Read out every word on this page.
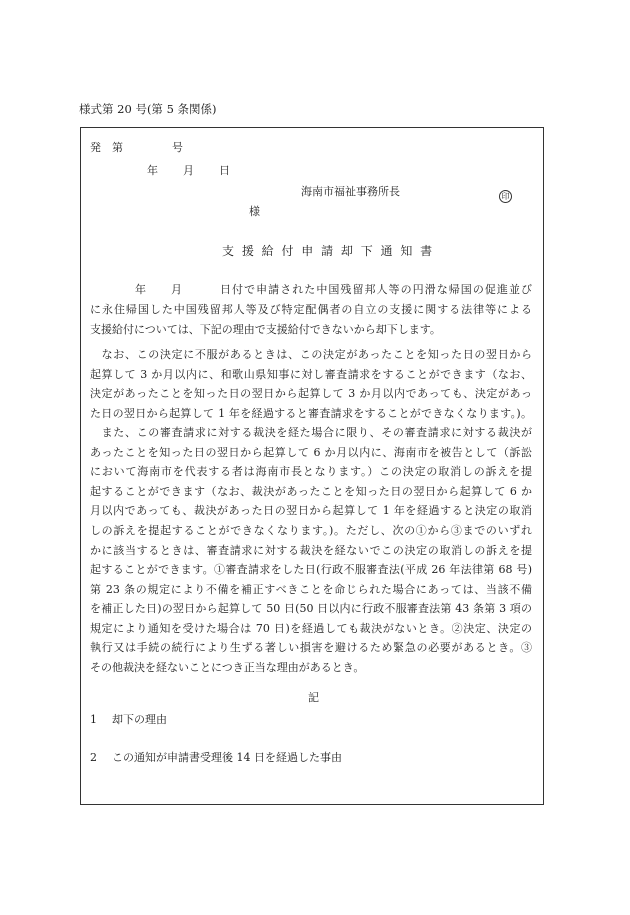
様式第 20 号(第 5 条関係)
発　第	号
年 月 日
海南市福祉事務所長	印
様
支 援 給 付 申 請 却 下 通 知 書
年 月	日付で申請された中国残留邦人等の円滑な帰国の促進並び
に永住帰国した中国残留邦人等及び特定配偶者の自立の支援に関する法律等による
支援給付については、下記の理由で支援給付できないから却下します。
　なお、この決定に不服があるときは、この決定があったことを知った日の翌日から
起算して 3 か月以内に、和歌山県知事に対し審査請求をすることができます（なお、
決定があったことを知った日の翌日から起算して 3 か月以内であっても、決定があっ
た日の翌日から起算して 1 年を経過すると審査請求をすることができなくなります。)。
　また、この審査請求に対する裁決を経た場合に限り、その審査請求に対する裁決が
あったことを知った日の翌日から起算して 6 か月以内に、海南市を被告として（訴訟
において海南市を代表する者は海南市長となります。）この決定の取消しの訴えを提
起することができます（なお、裁決があったことを知った日の翌日から起算して 6 か
月以内であっても、裁決があった日の翌日から起算して 1 年を経過すると決定の取消
しの訴えを提起することができなくなります。)。ただし、次の①から③までのいずれ
かに該当するときは、審査請求に対する裁決を経ないでこの決定の取消しの訴えを提
起することができます。①審査請求をした日(行政不服審査法(平成 26 年法律第 68 号)
第 23 条の規定により不備を補正すべきことを命じられた場合にあっては、当該不備
を補正した日)の翌日から起算して 50 日(50 日以内に行政不服審査法第 43 条第 3 項の
規定により通知を受けた場合は 70 日)を経過しても裁決がないとき。②決定、決定の
執行又は手続の続行により生ずる著しい損害を避けるため緊急の必要があるとき。③
その他裁決を経ないことにつき正当な理由があるとき。
記
1 却下の理由
2 この通知が申請書受理後 14 日を経過した事由
